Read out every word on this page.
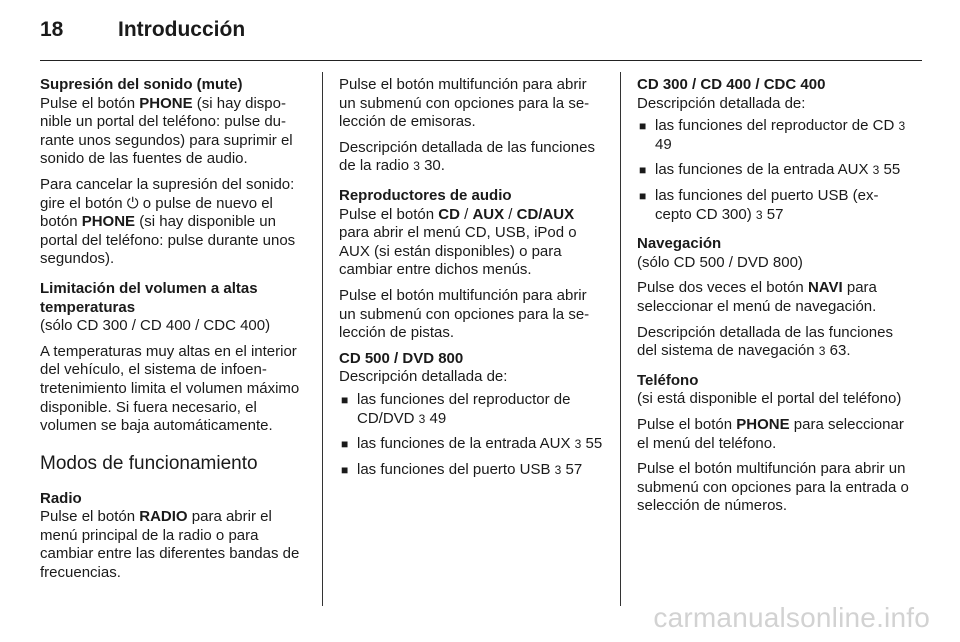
18	Introducción
Supresión del sonido (mute)

Pulse el botón PHONE (si hay disponible un portal del teléfono: pulse durante unos segundos) para suprimir el sonido de las fuentes de audio.

Para cancelar la supresión del sonido: gire el botón ⏻ o pulse de nuevo el botón PHONE (si hay disponible un portal del teléfono: pulse durante unos segundos).

Limitación del volumen a altas temperaturas

(sólo CD 300 / CD 400 / CDC 400)

A temperaturas muy altas en el interior del vehículo, el sistema de infoentretenimiento limita el volumen máximo disponible. Si fuera necesario, el volumen se baja automáticamente.

Modos de funcionamiento
Radio

Pulse el botón RADIO para abrir el menú principal de la radio o para cambiar entre las diferentes bandas de frecuencias.

Pulse el botón multifunción para abrir un submenú con opciones para la selección de emisoras.

Descripción detallada de las funciones de la radio 3 30.

Reproductores de audio

Pulse el botón CD / AUX / CD/AUX para abrir el menú CD, USB, iPod o AUX (si están disponibles) o para cambiar entre dichos menús.

Pulse el botón multifunción para abrir un submenú con opciones para la selección de pistas.

CD 500 / DVD 800

Descripción detallada de:

■ las funciones del reproductor de CD/DVD 3 49
■ las funciones de la entrada AUX 3 55
■ las funciones del puerto USB 3 57
CD 300 / CD 400 / CDC 400

Descripción detallada de:

■ las funciones del reproductor de CD 3 49
■ las funciones de la entrada AUX 3 55
■ las funciones del puerto USB (excepto CD 300) 3 57
Navegación

(sólo CD 500 / DVD 800)

Pulse dos veces el botón NAVI para seleccionar el menú de navegación.

Descripción detallada de las funciones del sistema de navegación 3 63.

Teléfono

(si está disponible el portal del teléfono)

Pulse el botón PHONE para seleccionar el menú del teléfono.

Pulse el botón multifunción para abrir un submenú con opciones para la entrada o selección de números.

carmanualsonline.info
